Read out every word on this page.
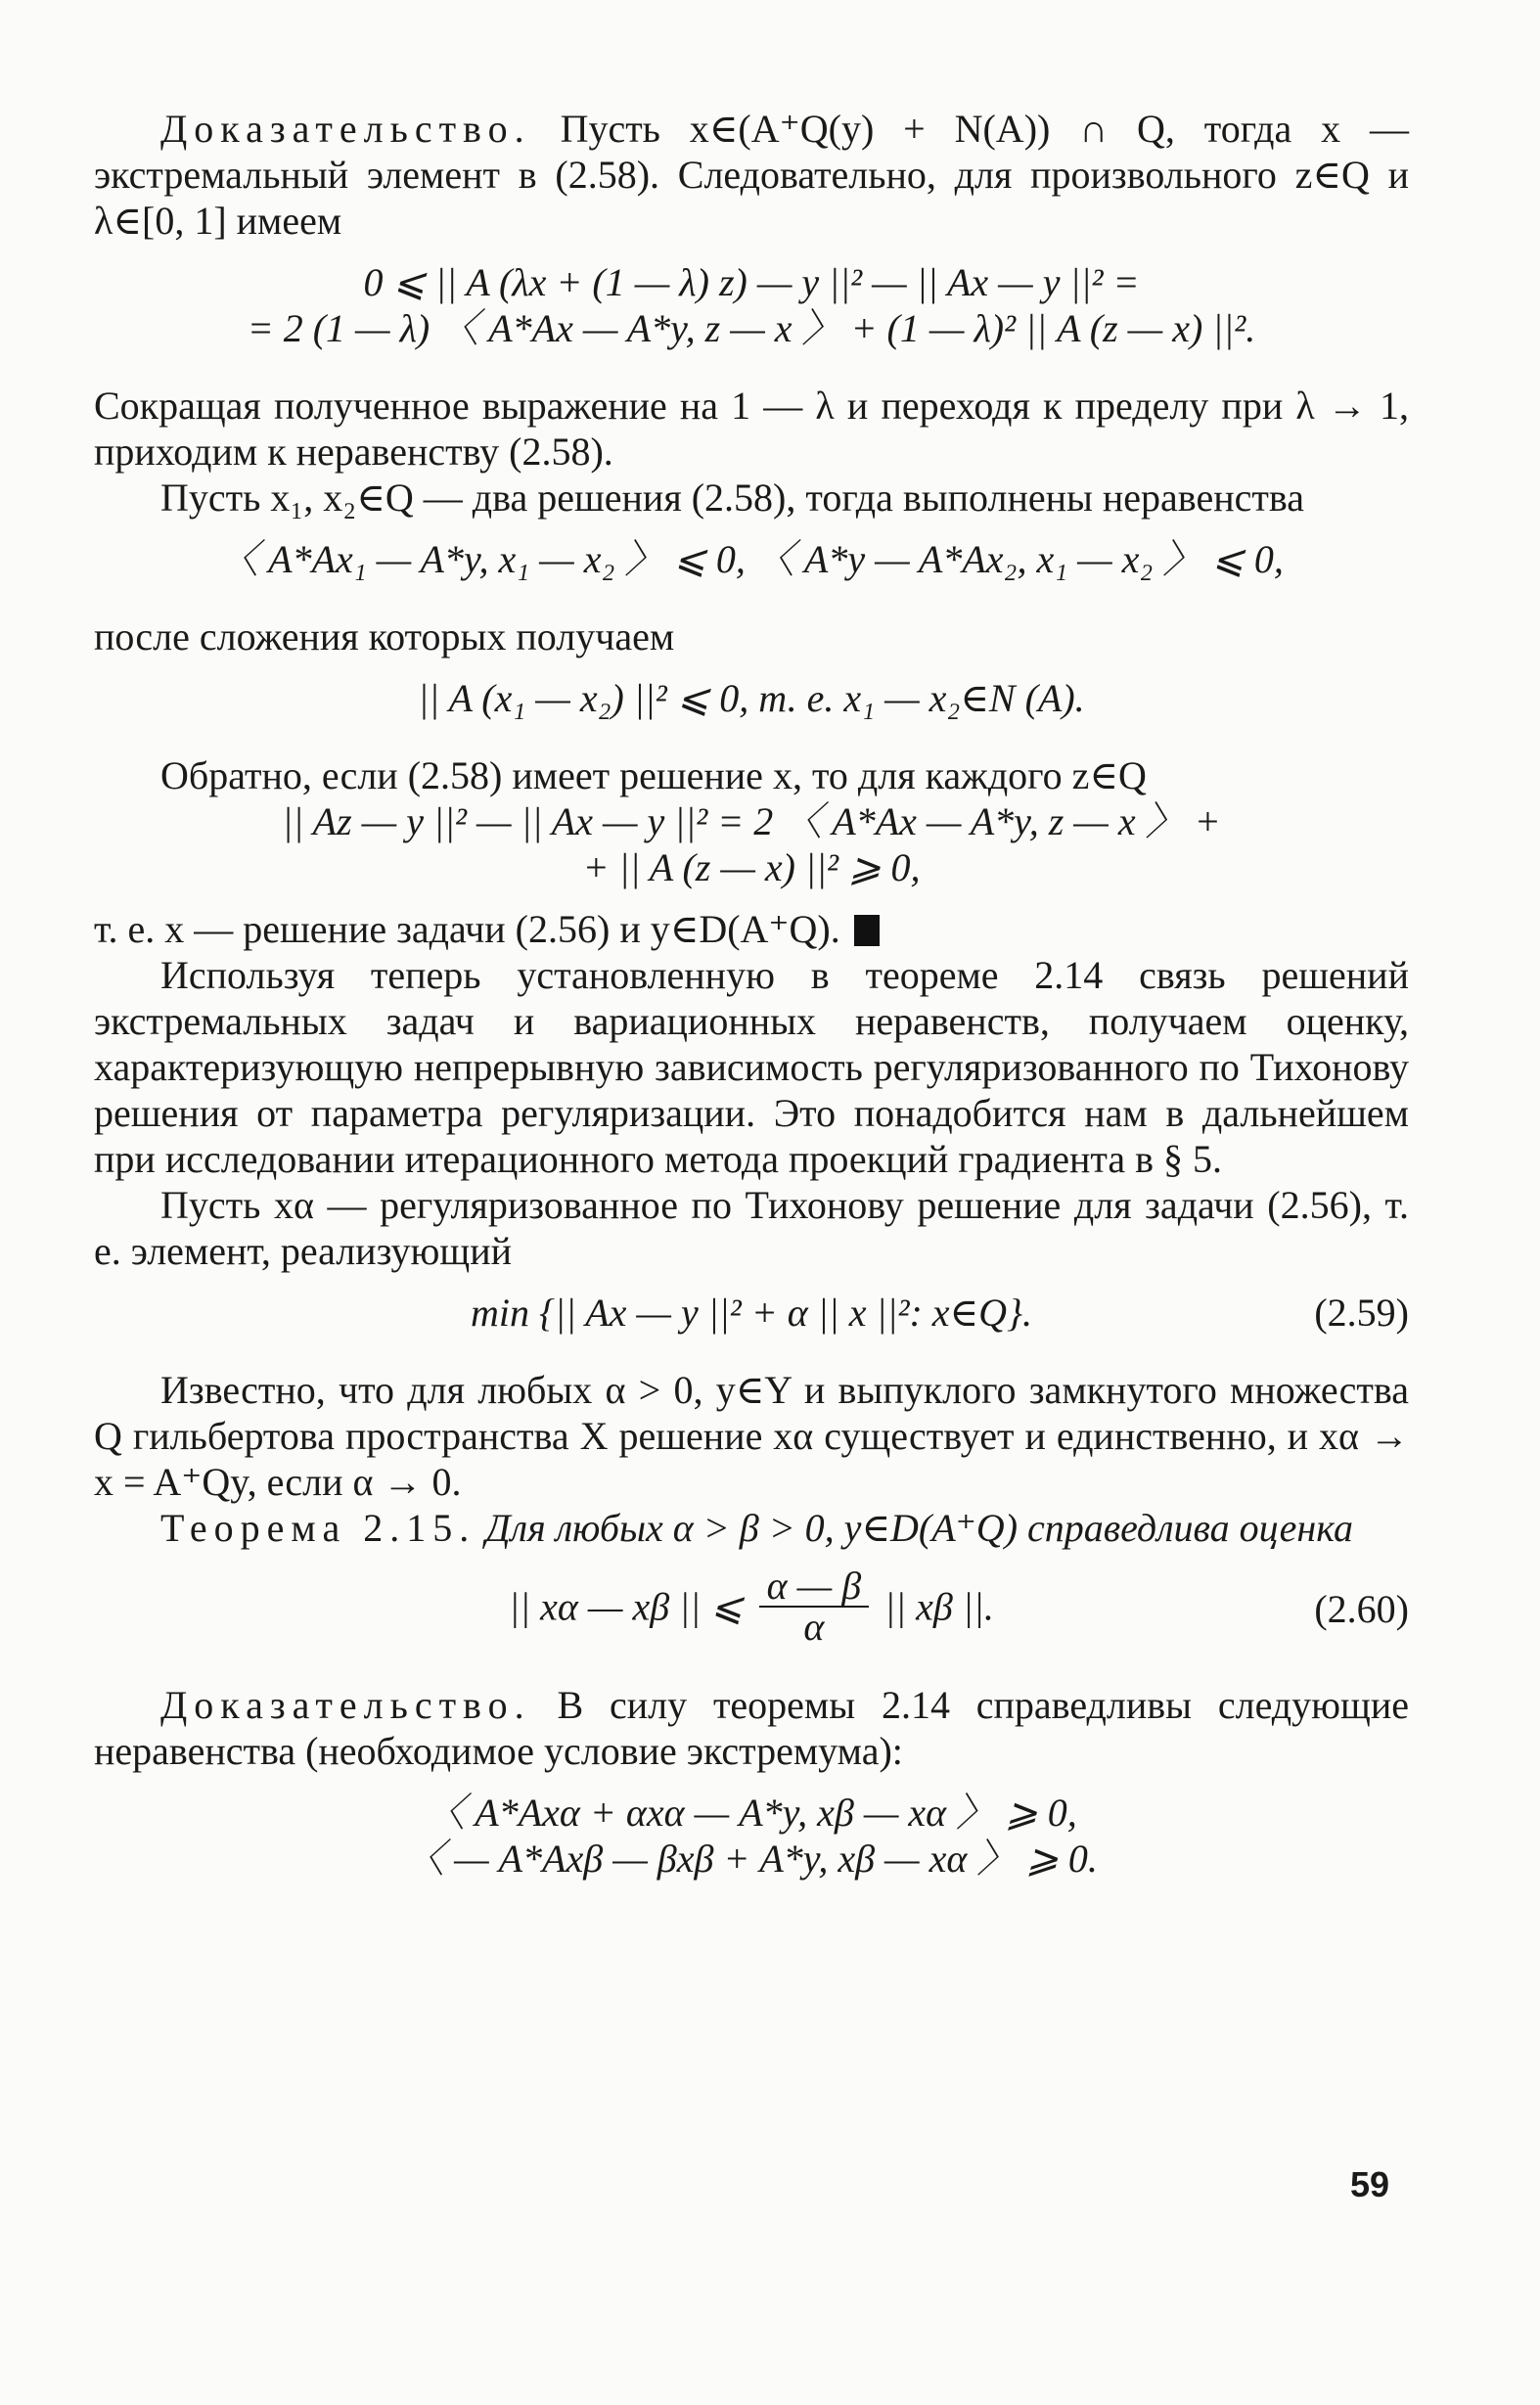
Доказательство. Пусть x∈(A⁺Q(y) + N(A)) ∩ Q, тогда x — экстремальный элемент в (2.58). Следовательно, для произвольного z∈Q и λ∈[0, 1] имеем

0 ⩽ || A (λx + (1 — λ) z) — y ||² — || Ax — y ||² =

= 2 (1 — λ) 〈 A*Ax — A*y, z — x 〉 + (1 — λ)² || A (z — x) ||².

Сокращая полученное выражение на 1 — λ и переходя к пределу при λ → 1, приходим к неравенству (2.58).

Пусть x₁, x₂∈Q — два решения (2.58), тогда выполнены неравенства

〈 A*Ax₁ — A*y, x₁ — x₂ 〉 ⩽ 0, 〈 A*y — A*Ax₂, x₁ — x₂ 〉 ⩽ 0,

после сложения которых получаем

|| A (x₁ — x₂) ||² ⩽ 0, т. е. x₁ — x₂∈N (A).

Обратно, если (2.58) имеет решение x, то для каждого z∈Q

|| Az — y ||² — || Ax — y ||² = 2 〈 A*Ax — A*y, z — x 〉 +

+ || A (z — x) ||² ⩾ 0,

т. е. x — решение задачи (2.56) и y∈D(A⁺Q).

Используя теперь установленную в теореме 2.14 связь решений экстремальных задач и вариационных неравенств, получаем оценку, характеризующую непрерывную зависимость регуляризованного по Тихонову решения от параметра регуляризации. Это понадобится нам в дальнейшем при исследовании итерационного метода проекций градиента в § 5.

Пусть xα — регуляризованное по Тихонову решение для задачи (2.56), т. е. элемент, реализующий

min {|| Ax — y ||² + α || x ||²: x∈Q}.	(2.59)

Известно, что для любых α > 0, y∈Y и выпуклого замкнутого множества Q гильбертова пространства X решение xα существует и единственно, и xα → x = A⁺Qy, если α → 0.

Теорема 2.15. Для любых α > β > 0, y∈D(A⁺Q) справедлива оценка

|| xα — xβ || ⩽ $\frac{\alpha — \beta}{\alpha}$ || xβ ||.	(2.60)

Доказательство. В силу теоремы 2.14 справедливы следующие неравенства (необходимое условие экстремума):

〈 A*Axα + αxα — A*y, xβ — xα 〉 ⩾ 0,

〈 — A*Axβ — βxβ + A*y, xβ — xα 〉 ⩾ 0.

59
